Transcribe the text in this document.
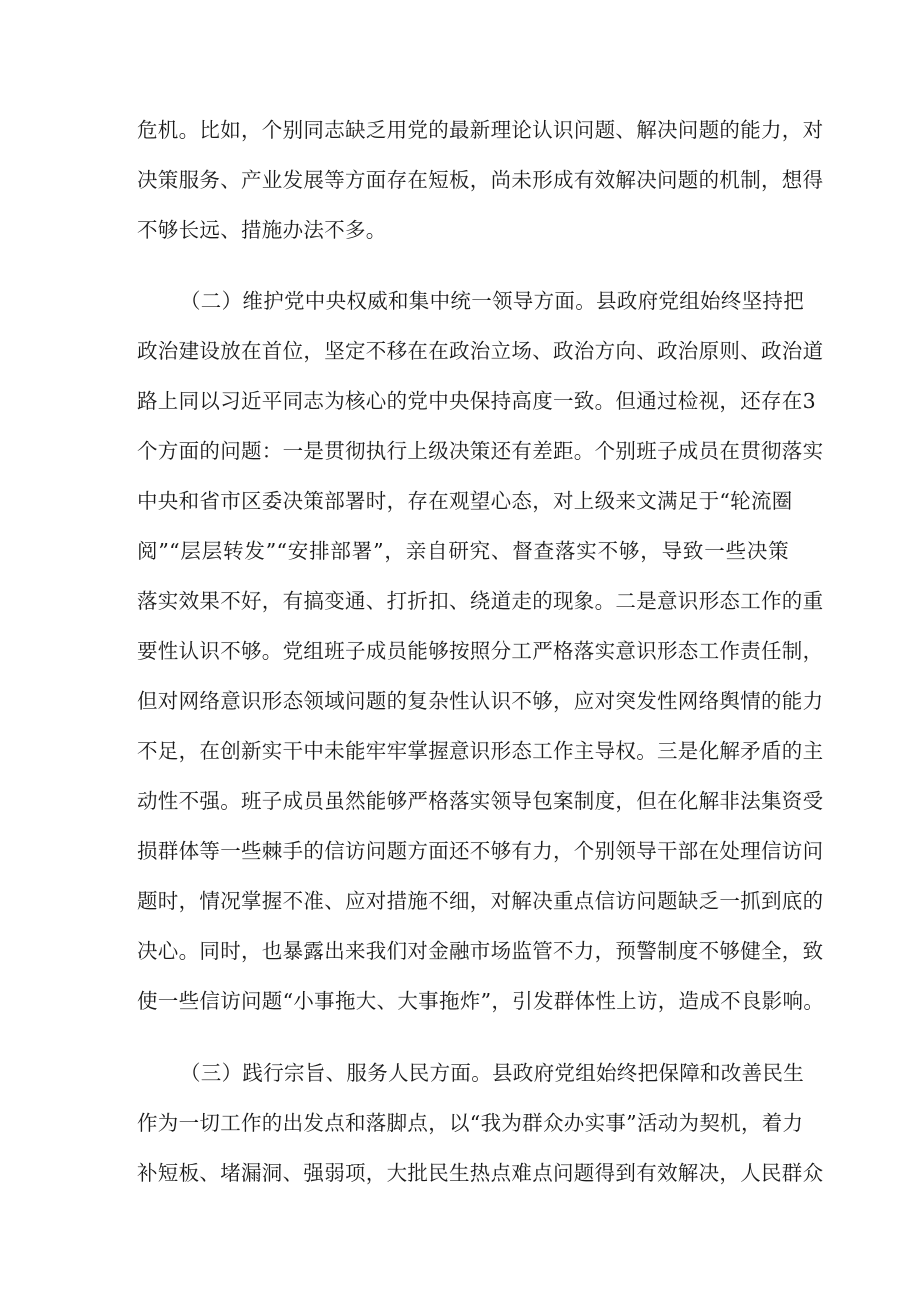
危机。比如，个别同志缺乏用党的最新理论认识问题、解决问题的能力，对
决策服务、产业发展等方面存在短板，尚未形成有效解决问题的机制，想得
不够长远、措施办法不多。
（二）维护党中央权威和集中统一领导方面。县政府党组始终坚持把
政治建设放在首位，坚定不移在在政治立场、政治方向、政治原则、政治道
路上同以习近平同志为核心的党中央保持高度一致。但通过检视，还存在3
个方面的问题：一是贯彻执行上级决策还有差距。个别班子成员在贯彻落实
中央和省市区委决策部署时，存在观望心态，对上级来文满足于“轮流圈
阅”“层层转发”“安排部署”，亲自研究、督查落实不够，导致一些决策
落实效果不好，有搞变通、打折扣、绕道走的现象。二是意识形态工作的重
要性认识不够。党组班子成员能够按照分工严格落实意识形态工作责任制，
但对网络意识形态领域问题的复杂性认识不够，应对突发性网络舆情的能力
不足，在创新实干中未能牢牢掌握意识形态工作主导权。三是化解矛盾的主
动性不强。班子成员虽然能够严格落实领导包案制度，但在化解非法集资受
损群体等一些棘手的信访问题方面还不够有力，个别领导干部在处理信访问
题时，情况掌握不准、应对措施不细，对解决重点信访问题缺乏一抓到底的
决心。同时，也暴露出来我们对金融市场监管不力，预警制度不够健全，致
使一些信访问题“小事拖大、大事拖炸”，引发群体性上访，造成不良影响。
（三）践行宗旨、服务人民方面。县政府党组始终把保障和改善民生
作为一切工作的出发点和落脚点，以“我为群众办实事”活动为契机，着力
补短板、堵漏洞、强弱项，大批民生热点难点问题得到有效解决，人民群众
